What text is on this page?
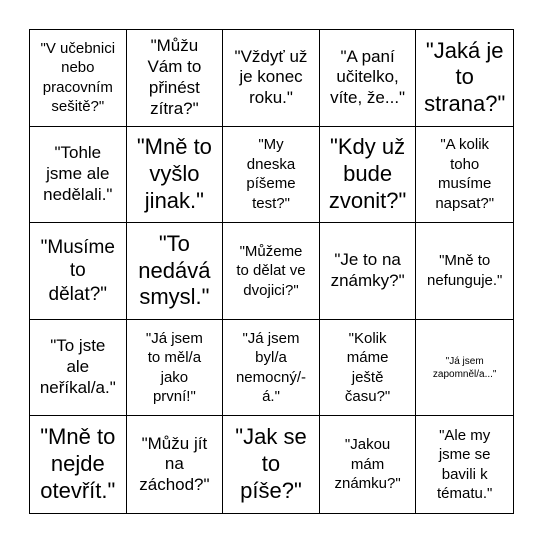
"V učebnici
nebo
pracovním
sešitě?"
"Můžu
Vám to
přinést
zítra?"
"Vždyť už
je konec
roku."
"A paní
učitelko,
víte, že..."
"Jaká je
to
strana?"
"Tohle
jsme ale
nedělali."
"Mně to
vyšlo
jinak."
"My
dneska
píšeme
test?"
"Kdy už
bude
zvonit?"
"A kolik
toho
musíme
napsat?"
"Musíme
to
dělat?"
"To
nedává
smysl."
"Můžeme
to dělat ve
dvojici?"
"Je to na
známky?"
"Mně to
nefunguje."
"To jste
ale
neříkal/a."
"Já jsem
to měl/a
jako
první!"
"Já jsem
byl/a
nemocný/-
á."
"Kolik
máme
ještě
času?"
"Já jsem
zapomněl/a..."
"Mně to
nejde
otevřít."
"Můžu jít
na
záchod?"
"Jak se
to
píše?"
"Jakou
mám
známku?"
"Ale my
jsme se
bavili k
tématu."
